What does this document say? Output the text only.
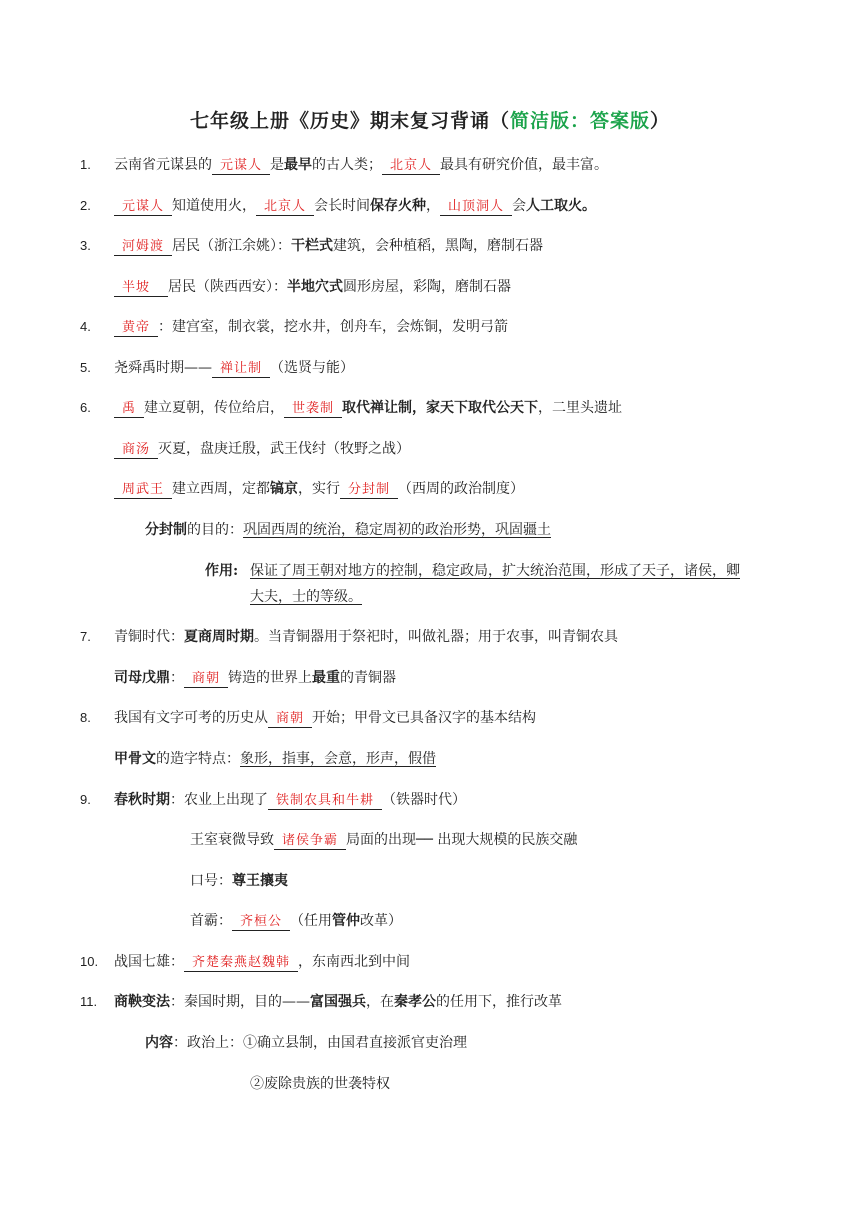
七年级上册《历史》期末复习背诵（简洁版：答案版）
1. 云南省元谋县的 元谋人 是最早的古人类； 北京人 最具有研究价值，最丰富。
2.	元谋人 知道使用火， 北京人 会长时间保存火种， 山顶洞人 会人工取火。
3.	河姆渡 居民（浙江余姚）：干栏式建筑，会种植稻，黑陶，磨制石器
半坡 居民（陕西西安）：半地穴式圆形房屋，彩陶，磨制石器
4.	黄帝 ：建宫室，制衣裳，挖水井，创舟车，会炼铜，发明弓箭
5. 尧舜禹时期—— 禅让制 （选贤与能）
6.	禹 建立夏朝，传位给启， 世袭制 取代禅让制，家天下取代公天下，二里头遗址
商汤 灭夏，盘庚迁殷，武王伐纣（牧野之战）
周武王 建立西周，定都镐京，实行 分封制 （西周的政治制度）
分封制的目的：巩固西周的统治，稳定周初的政治形势，巩固疆土
作用: 保证了周王朝对地方的控制，稳定政局，扩大统治范围，形成了天子，诸侯，卿
大夫，士的等级。
7. 青铜时代：夏商周时期。当青铜器用于祭祀时，叫做礼器；用于农事，叫青铜农具
司母戊鼎： 商朝 铸造的世界上最重的青铜器
8. 我国有文字可考的历史从 商朝 开始；甲骨文已具备汉字的基本结构
甲骨文的造字特点：象形，指事，会意，形声，假借
9. 春秋时期：农业上出现了 铁制农具和牛耕 （铁器时代）
王室衰微导致 诸侯争霸 局面的出现── 出现大规模的民族交融
口号：尊王攘夷
首霸： 齐桓公 （任用管仲改革）
10. 战国七雄： 齐楚秦燕赵魏韩 ，东南西北到中间
11. 商鞅变法：秦国时期，目的——富国强兵，在秦孝公的任用下，推行改革
内容：政治上：①确立县制，由国君直接派官吏治理
②废除贵族的世袭特权
